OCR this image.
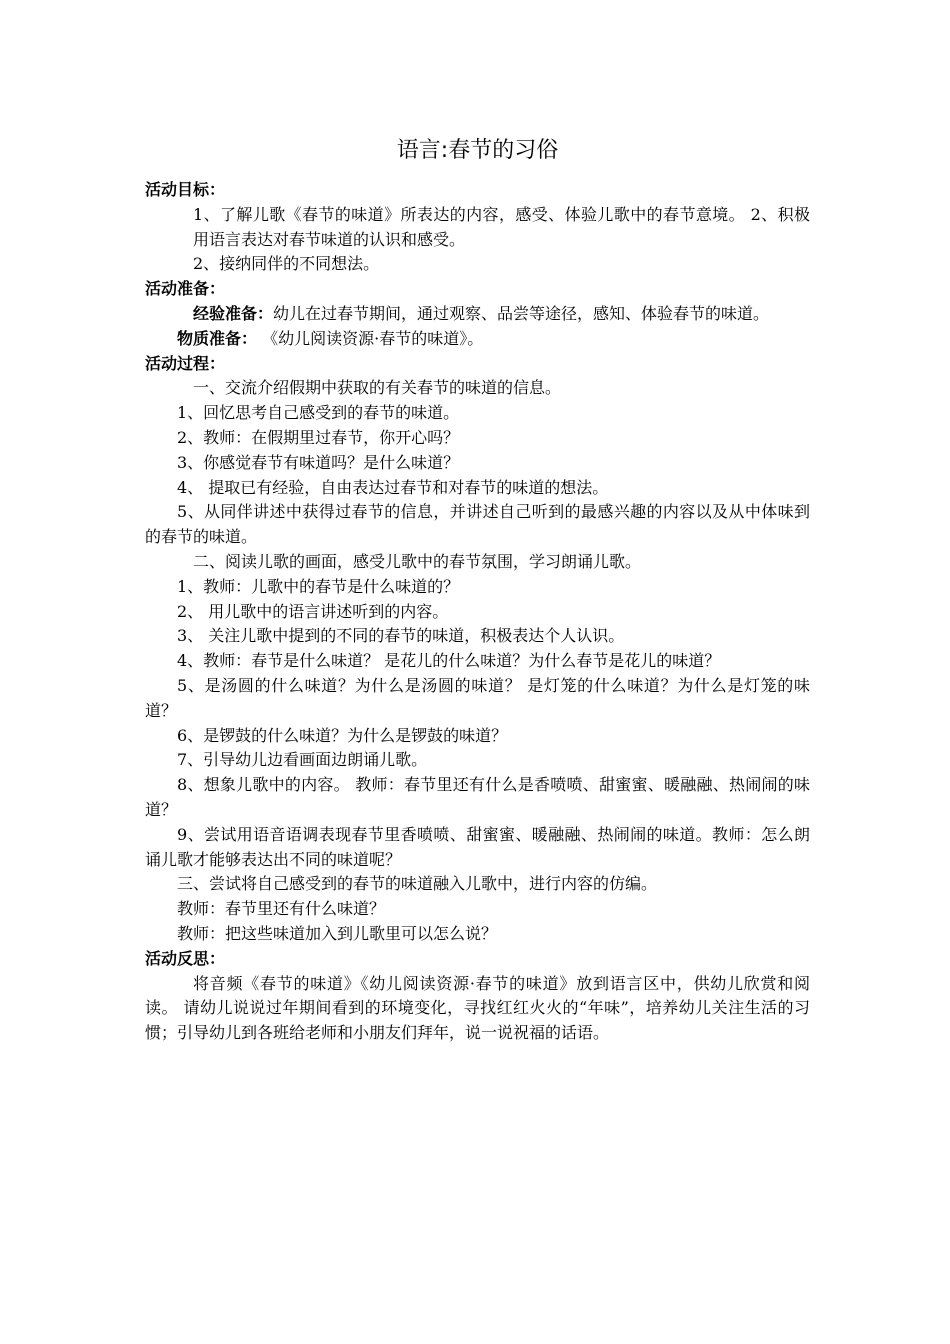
语言:春节的习俗

活动目标：

1、了解儿歌《春节的味道》所表达的内容，感受、体验儿歌中的春节意境。 2、积极用语言表达对春节味道的认识和感受。

2、接纳同伴的不同想法。

活动准备：

经验准备：幼儿在过春节期间，通过观察、品尝等途径，感知、体验春节的味道。

物质准备： 《幼儿阅读资源·春节的味道》。

活动过程：

一、交流介绍假期中获取的有关春节的味道的信息。

1、回忆思考自己感受到的春节的味道。

2、教师：在假期里过春节，你开心吗？

3、你感觉春节有味道吗？是什么味道？

4、 提取已有经验，自由表达过春节和对春节的味道的想法。

5、从同伴讲述中获得过春节的信息，并讲述自己听到的最感兴趣的内容以及从中体味到的春节的味道。

二、阅读儿歌的画面，感受儿歌中的春节氛围，学习朗诵儿歌。

1、教师：儿歌中的春节是什么味道的？

2、 用儿歌中的语言讲述听到的内容。

3、 关注儿歌中提到的不同的春节的味道，积极表达个人认识。

4、教师：春节是什么味道？ 是花儿的什么味道？为什么春节是花儿的味道？

5、是汤圆的什么味道？为什么是汤圆的味道？ 是灯笼的什么味道？为什么是灯笼的味道？

6、是锣鼓的什么味道？为什么是锣鼓的味道？

7、引导幼儿边看画面边朗诵儿歌。

8、想象儿歌中的内容。 教师：春节里还有什么是香喷喷、甜蜜蜜、暖融融、热闹闹的味道？

9、尝试用语音语调表现春节里香喷喷、甜蜜蜜、暖融融、热闹闹的味道。教师：怎么朗诵儿歌才能够表达出不同的味道呢？

三、尝试将自己感受到的春节的味道融入儿歌中，进行内容的仿编。

教师：春节里还有什么味道？

教师：把这些味道加入到儿歌里可以怎么说？

活动反思：

将音频《春节的味道》《幼儿阅读资源·春节的味道》放到语言区中，供幼儿欣赏和阅读。 请幼儿说说过年期间看到的环境变化，寻找红红火火的“年味”，培养幼儿关注生活的习惯；引导幼儿到各班给老师和小朋友们拜年，说一说祝福的话语。
